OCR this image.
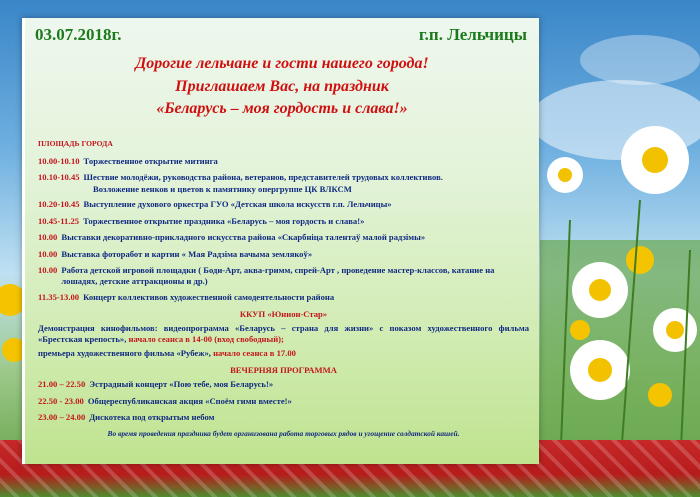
03.07.2018г.	г.п. Лельчицы
Дорогие лельчане и гости нашего города!
Приглашаем Вас, на праздник
«Беларусь – моя гордость и слава!»
ПЛОЩАДЬ ГОРОДА
10.00-10.10 Торжественное открытие митинга
10.10-10.45 Шествие молодёжи, руководства района, ветеранов, представителей трудовых коллективов.
Возложение венков и цветов к памятнику опергруппе ЦК ВЛКСМ
10.20-10.45 Выступление духового оркестра ГУО «Детская школа искусств г.п. Лельчицы»
10.45-11.25 Торжественное открытие праздника «Беларусь – моя гордость и слава!»
10.00 Выставки декоративно-прикладного искусства района «Скарбніца талентаў малой радзімы»
10.00 Выставка фоторабот и картин « Мая Радзіма вачыма землякоў»
10.00 Работа детской игровой площадки ( Боди-Арт, аква-гримм, спрей-Арт , проведение мастер-классов, катание на лошадях, детские аттракционы и др.)
11.35-13.00 Концерт коллективов художественной самодеятельности района
ККУП «Юнион-Стар»
Демонстрация кинофильмов: видеопрограмма «Беларусь – страна для жизни» с показом художественного фильма «Брестская крепость», начало сеанса в 14-00 (вход свободный);
премьера художественного фильма «Рубеж», начало сеанса в 17.00
ВЕЧЕРНЯЯ ПРОГРАММА
21.00 – 22.50 Эстрадный концерт «Пою тебе, моя Беларусь!»
22.50 - 23.00 Общереспубликанская акция «Споём гимн вместе!»
23.00 – 24.00 Дискотека под открытым небом
Во время проведения праздника будет организована работа торговых рядов и угощение солдатской кашей.
